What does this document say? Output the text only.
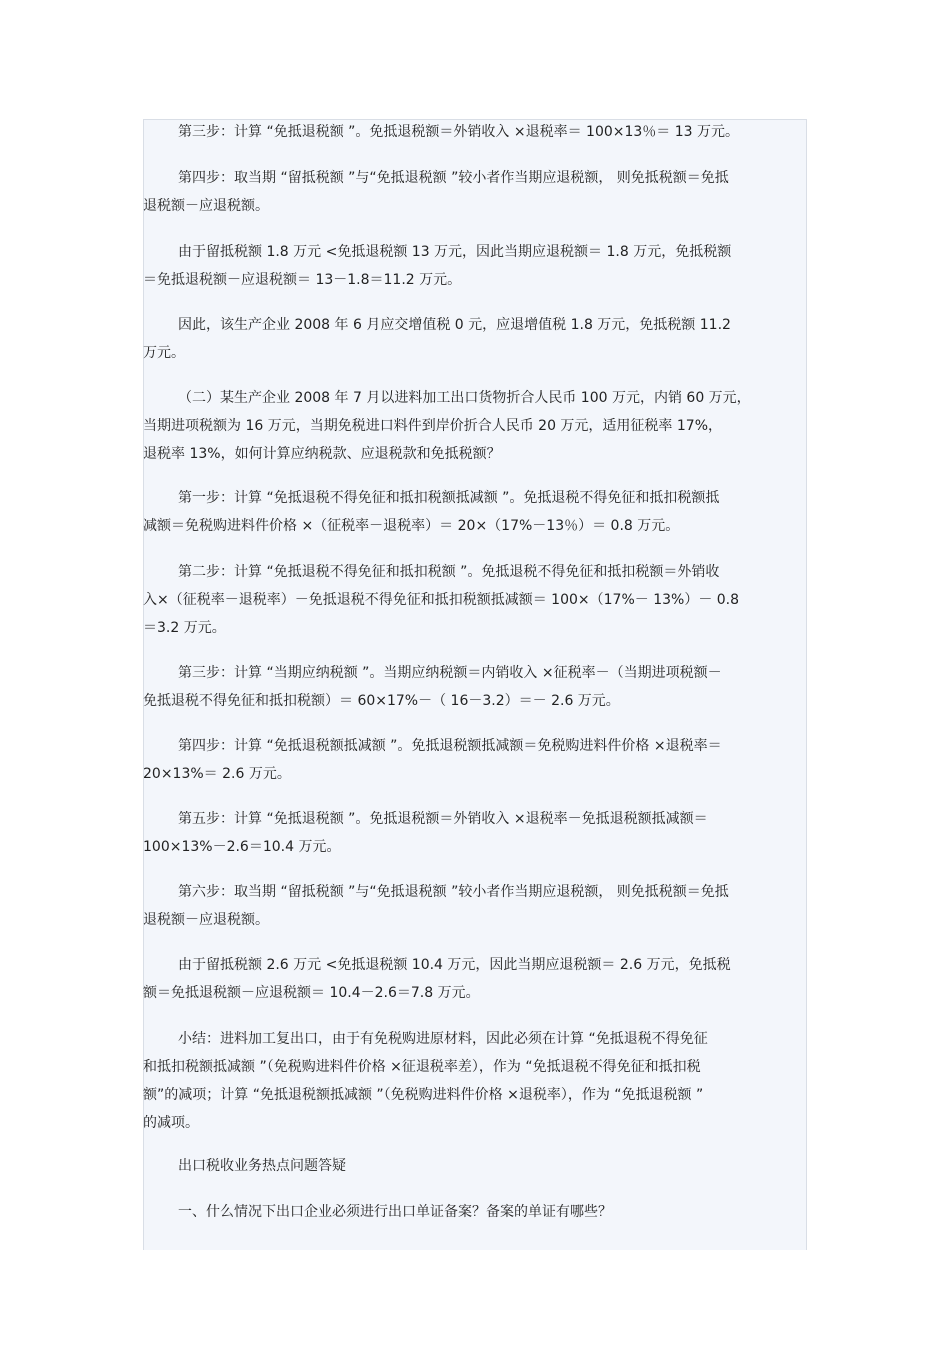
第三步：计算 “免抵退税额 ”。免抵退税额＝外销收入 ×退税率＝ 100×13％＝ 13 万元。
第四步：取当期 “留抵税额 ”与“免抵退税额 ”较小者作当期应退税额， 则免抵税额＝免抵
退税额－应退税额。
由于留抵税额 1.8 万元 <免抵退税额 13 万元，因此当期应退税额＝ 1.8 万元，免抵税额
＝免抵退税额－应退税额＝ 13－1.8＝11.2 万元。
因此，该生产企业 2008 年 6 月应交增值税 0 元，应退增值税 1.8 万元，免抵税额 11.2
万元。
（二）某生产企业 2008 年 7 月以进料加工出口货物折合人民币 100 万元，内销 60 万元，
当期进项税额为 16 万元，当期免税进口料件到岸价折合人民币 20 万元，适用征税率 17%，
退税率 13%，如何计算应纳税款、应退税款和免抵税额？
第一步：计算 “免抵退税不得免征和抵扣税额抵减额 ”。免抵退税不得免征和抵扣税额抵
减额＝免税购进料件价格 ×（征税率－退税率）＝ 20×（17%－13％）＝ 0.8 万元。
第二步：计算 “免抵退税不得免征和抵扣税额 ”。免抵退税不得免征和抵扣税额＝外销收
入×（征税率－退税率）－免抵退税不得免征和抵扣税额抵减额＝ 100×（17%－ 13%）－ 0.8
＝3.2 万元。
第三步：计算 “当期应纳税额 ”。当期应纳税额＝内销收入 ×征税率－（当期进项税额－
免抵退税不得免征和抵扣税额）＝ 60×17%－（ 16－3.2）＝－ 2.6 万元。
第四步：计算 “免抵退税额抵减额 ”。免抵退税额抵减额＝免税购进料件价格 ×退税率＝
20×13%＝ 2.6 万元。
第五步：计算 “免抵退税额 ”。免抵退税额＝外销收入 ×退税率－免抵退税额抵减额＝
100×13%－2.6＝10.4 万元。
第六步：取当期 “留抵税额 ”与“免抵退税额 ”较小者作当期应退税额， 则免抵税额＝免抵
退税额－应退税额。
由于留抵税额 2.6 万元 <免抵退税额 10.4 万元，因此当期应退税额＝ 2.6 万元，免抵税
额＝免抵退税额－应退税额＝ 10.4－2.6＝7.8 万元。
小结：进料加工复出口，由于有免税购进原材料，因此必须在计算 “免抵退税不得免征
和抵扣税额抵减额 ”（免税购进料件价格 ×征退税率差），作为 “免抵退税不得免征和抵扣税
额”的减项；计算 “免抵退税额抵减额 ”（免税购进料件价格 ×退税率），作为 “免抵退税额 ”
的减项。
出口税收业务热点问题答疑
一、什么情况下出口企业必须进行出口单证备案？备案的单证有哪些？
